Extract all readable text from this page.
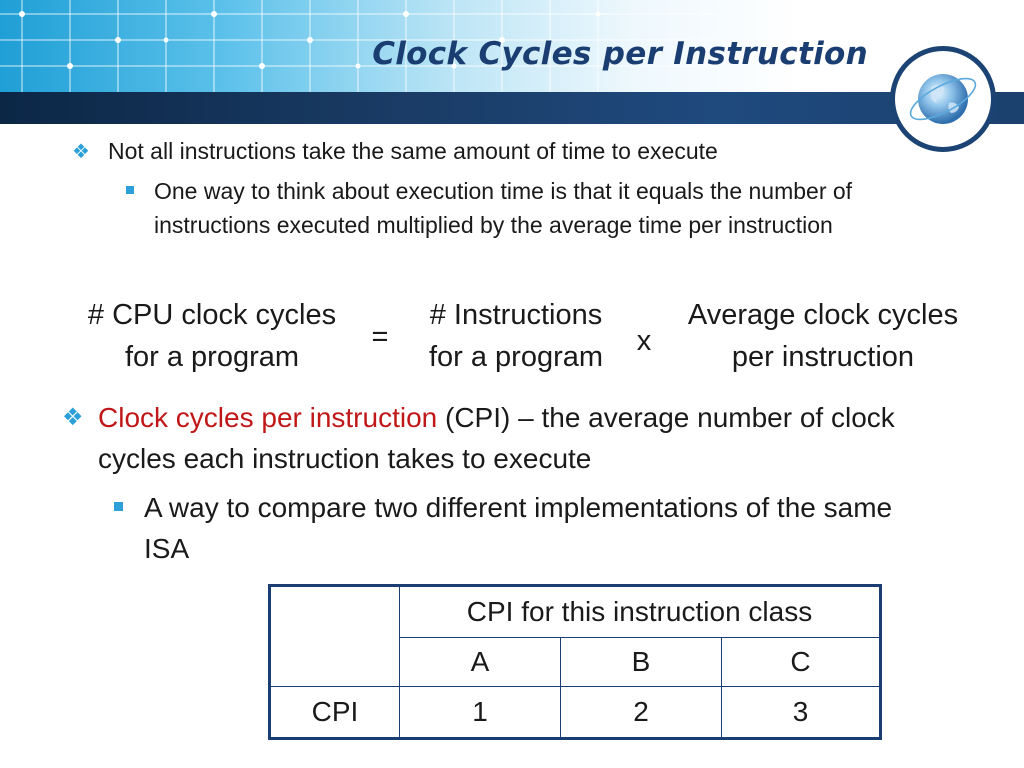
Clock Cycles per Instruction
❖ Not all instructions take the same amount of time to execute
One way to think about execution time is that it equals the number of instructions executed multiplied by the average time per instruction
# CPU clock cycles
for a program
=
# Instructions
for a program	x
Average clock cycles
per instruction
❖ Clock cycles per instruction (CPI) – the average number of clock cycles each instruction takes to execute
A way to compare two different implementations of the same ISA
	CPI for this instruction class		
	A	B	C
CPI	1	2	3
